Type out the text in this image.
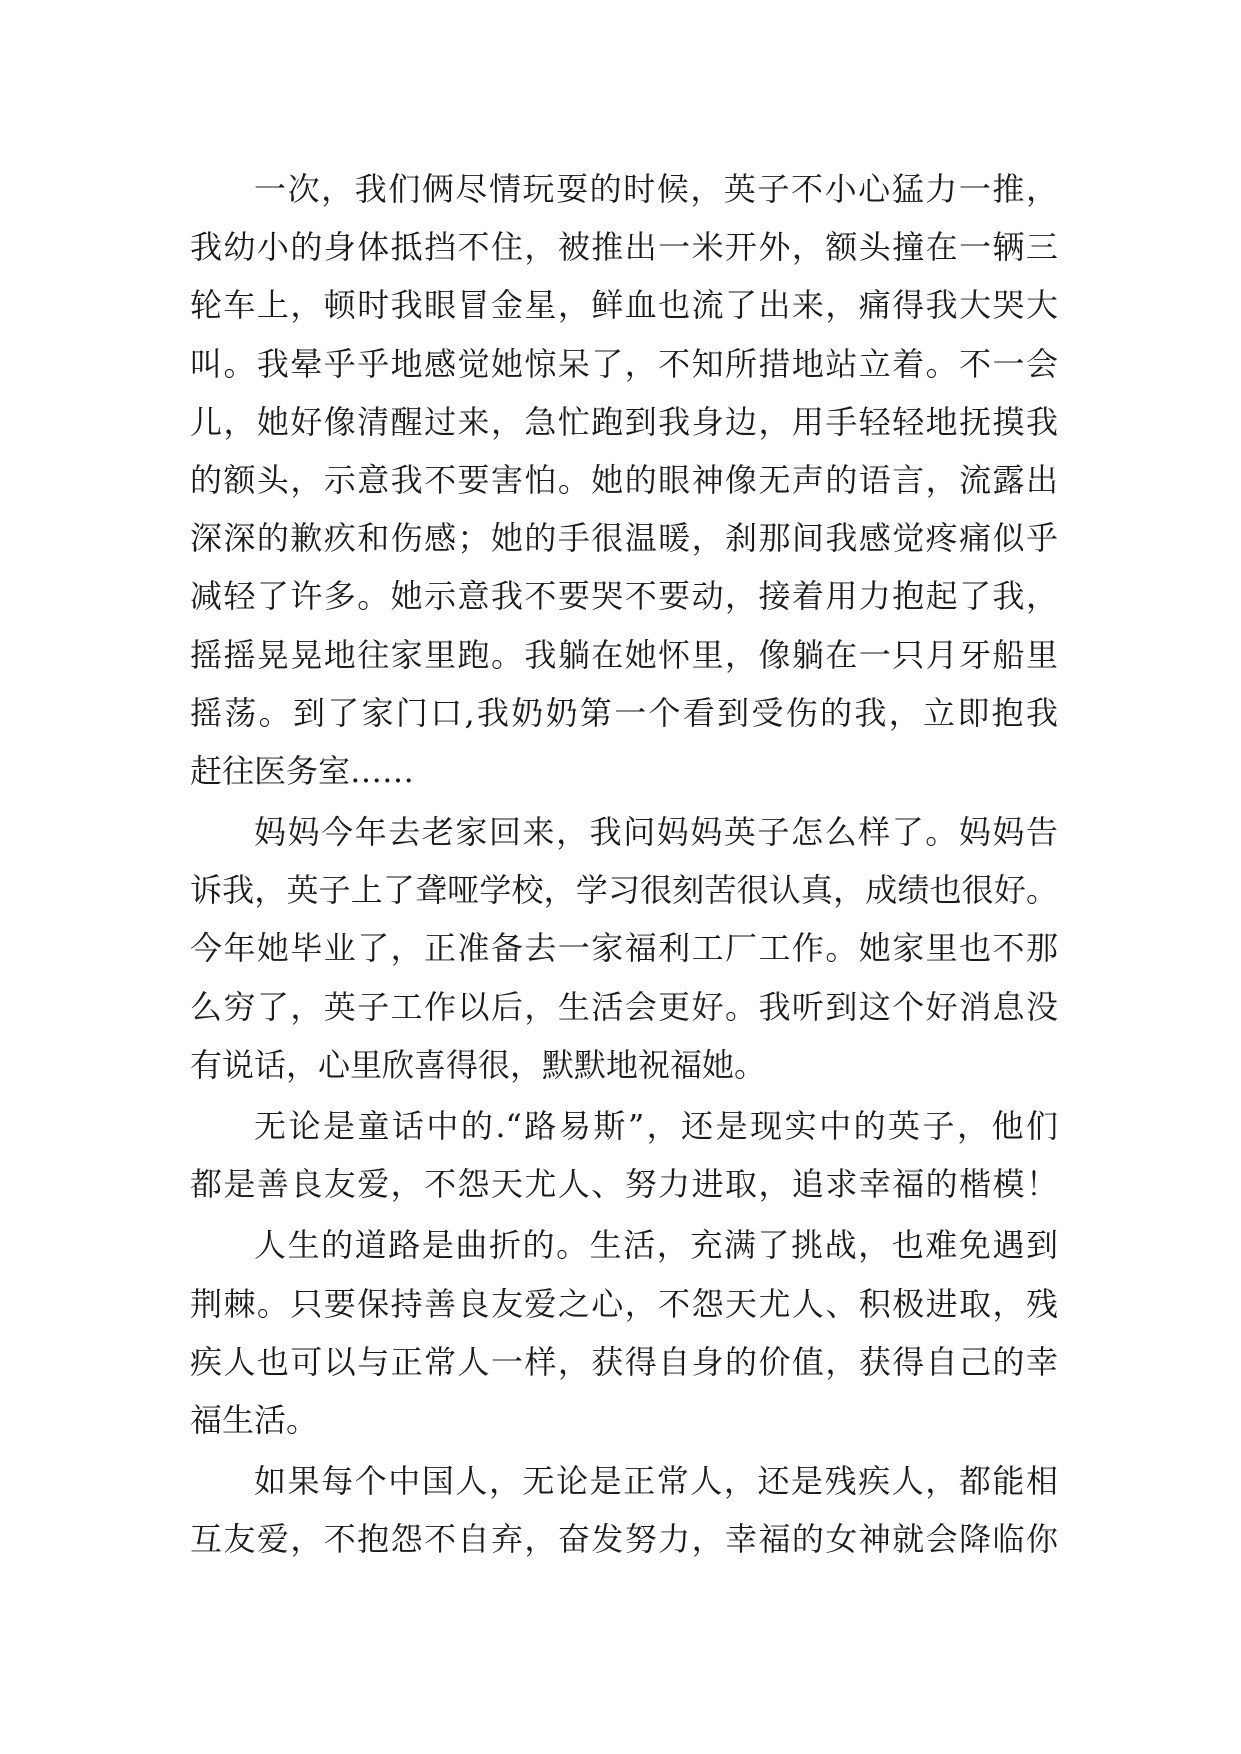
一次，我们俩尽情玩耍的时候，英子不小心猛力一推，
我幼小的身体抵挡不住，被推出一米开外，额头撞在一辆三
轮车上，顿时我眼冒金星，鲜血也流了出来，痛得我大哭大
叫。我晕乎乎地感觉她惊呆了，不知所措地站立着。不一会
儿，她好像清醒过来，急忙跑到我身边，用手轻轻地抚摸我
的额头，示意我不要害怕。她的眼神像无声的语言，流露出
深深的歉疚和伤感；她的手很温暖，刹那间我感觉疼痛似乎
减轻了许多。她示意我不要哭不要动，接着用力抱起了我，
摇摇晃晃地往家里跑。我躺在她怀里，像躺在一只月牙船里
摇荡。到了家门口,我奶奶第一个看到受伤的我，立即抱我
赶往医务室……
妈妈今年去老家回来，我问妈妈英子怎么样了。妈妈告
诉我，英子上了聋哑学校，学习很刻苦很认真，成绩也很好。
今年她毕业了，正准备去一家福利工厂工作。她家里也不那
么穷了，英子工作以后，生活会更好。我听到这个好消息没
有说话，心里欣喜得很，默默地祝福她。
无论是童话中的.“路易斯”，还是现实中的英子，他们
都是善良友爱，不怨天尤人、努力进取，追求幸福的楷模！
人生的道路是曲折的。生活，充满了挑战，也难免遇到
荆棘。只要保持善良友爱之心，不怨天尤人、积极进取，残
疾人也可以与正常人一样，获得自身的价值，获得自己的幸
福生活。
如果每个中国人，无论是正常人，还是残疾人，都能相
互友爱，不抱怨不自弃，奋发努力，幸福的女神就会降临你
